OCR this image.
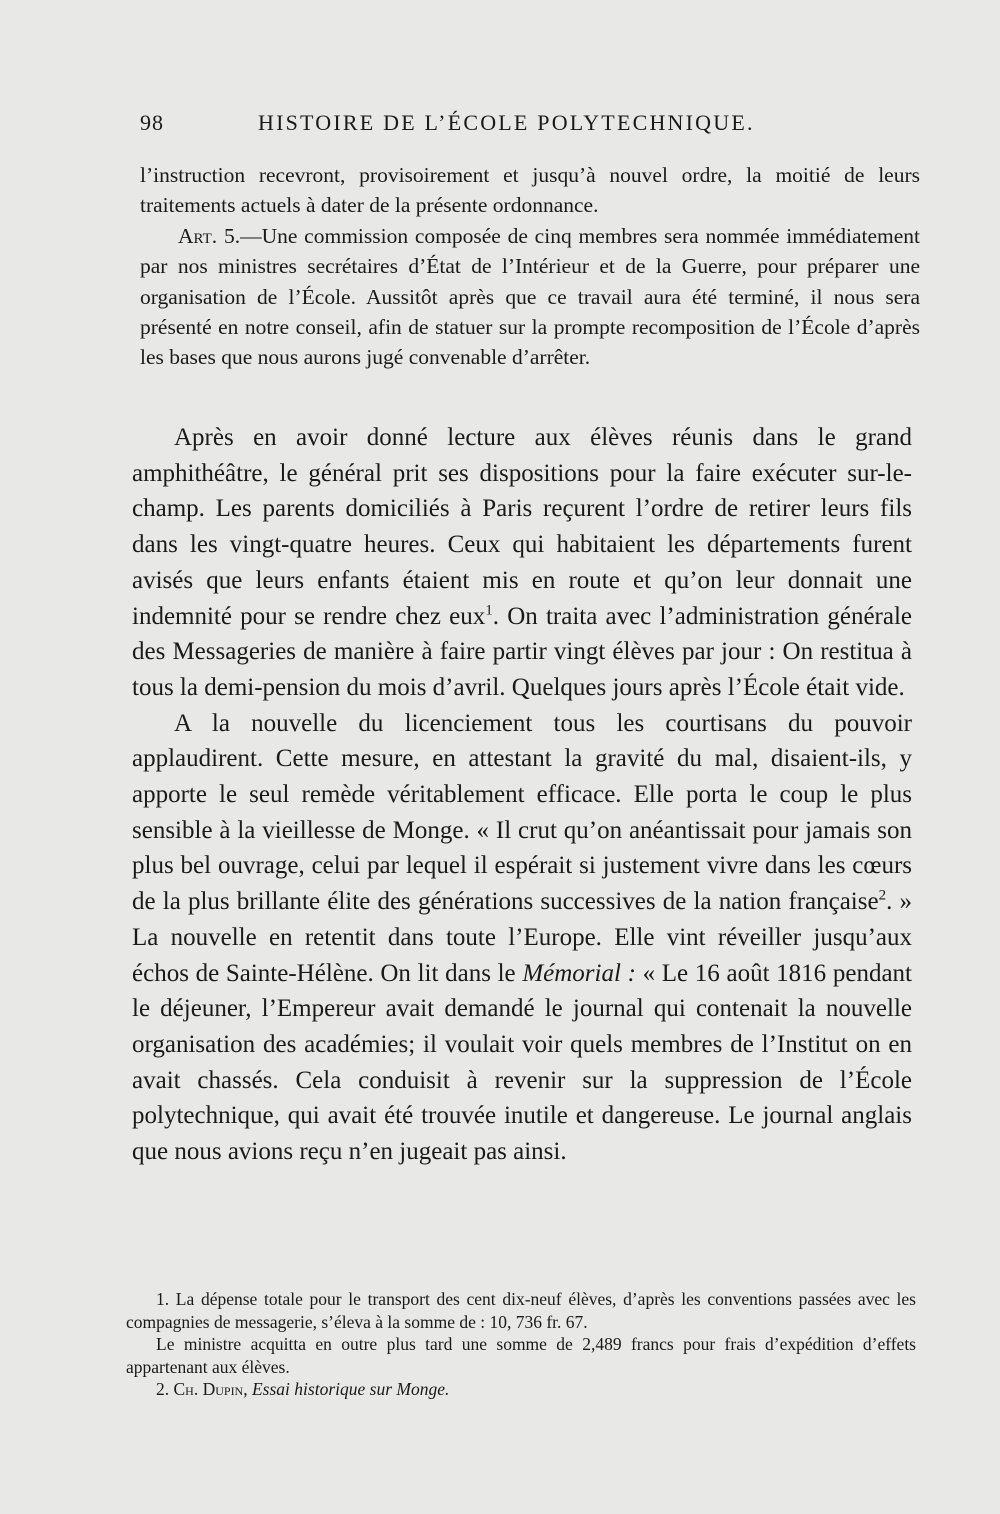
98	HISTOIRE DE L’ÉCOLE POLYTECHNIQUE.

l’instruction recevront, provisoirement et jusqu’à nouvel ordre, la moitié de leurs traitements actuels à dater de la présente ordonnance.

Art. 5.—Une commission composée de cinq membres sera nommée immédiatement par nos ministres secrétaires d’État de l’Intérieur et de la Guerre, pour préparer une organisation de l’École. Aussitôt après que ce travail aura été terminé, il nous sera présenté en notre conseil, afin de statuer sur la prompte recomposition de l’École d’après les bases que nous aurons jugé convenable d’arrêter.

Après en avoir donné lecture aux élèves réunis dans le grand amphithéâtre, le général prit ses dispositions pour la faire exécuter sur-le-champ. Les parents domiciliés à Paris reçurent l’ordre de retirer leurs fils dans les vingt-quatre heures. Ceux qui habitaient les départements furent avisés que leurs enfants étaient mis en route et qu’on leur donnait une indemnité pour se rendre chez eux$^1$. On traita avec l’administration générale des Messageries de manière à faire partir vingt élèves par jour : On restitua à tous la demi-pension du mois d’avril. Quelques jours après l’École était vide.

A la nouvelle du licenciement tous les courtisans du pouvoir applaudirent. Cette mesure, en attestant la gravité du mal, disaient-ils, y apporte le seul remède véritablement efficace. Elle porta le coup le plus sensible à la vieillesse de Monge. « Il crut qu’on anéantissait pour jamais son plus bel ouvrage, celui par lequel il espérait si justement vivre dans les cœurs de la plus brillante élite des générations successives de la nation française$^2$. » La nouvelle en retentit dans toute l’Europe. Elle vint réveiller jusqu’aux échos de Sainte-Hélène. On lit dans le Mémorial : « Le 16 août 1816 pendant le déjeuner, l’Empereur avait demandé le journal qui contenait la nouvelle organisation des académies; il voulait voir quels membres de l’Institut on en avait chassés. Cela conduisit à revenir sur la suppression de l’École polytechnique, qui avait été trouvée inutile et dangereuse. Le journal anglais que nous avions reçu n’en jugeait pas ainsi.

1. La dépense totale pour le transport des cent dix-neuf élèves, d’après les conventions passées avec les compagnies de messagerie, s’éleva à la somme de : 10, 736 fr. 67.

Le ministre acquitta en outre plus tard une somme de 2,489 francs pour frais d’expédition d’effets appartenant aux élèves.

2. Ch. Dupin, Essai historique sur Monge.
